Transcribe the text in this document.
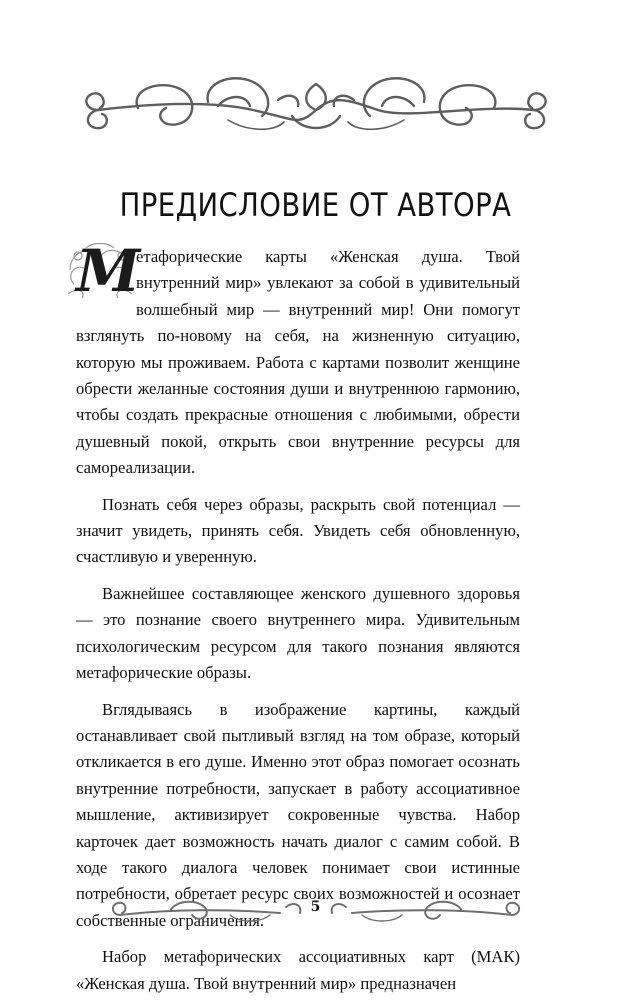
ПРЕДИСЛОВИЕ ОТ АВТОРА

М
етафорические карты «Женская душа. Твой внутренний мир» увлекают за собой в удивительный волшебный мир — внутренний мир! Они помогут взглянуть по-новому на себя, на жизненную ситуацию, которую мы проживаем. Работа с картами позволит женщине обрести желанные состояния души и внутреннюю гармонию, чтобы создать прекрасные отношения с любимыми, обрести душевный покой, открыть свои внутренние ресурсы для самореализации.

Познать себя через образы, раскрыть свой потенциал — значит увидеть, принять себя. Увидеть себя обновленную, счастливую и уверенную.

Важнейшее составляющее женского душевного здоровья — это познание своего внутреннего мира. Удивительным психологическим ресурсом для такого познания являются метафорические образы.

Вглядываясь в изображение картины, каждый останавливает свой пытливый взгляд на том образе, который откликается в его душе. Именно этот образ помогает осознать внутренние потребности, запускает в работу ассоциативное мышление, активизирует сокровенные чувства. Набор карточек дает возможность начать диалог с самим собой. В ходе такого диалога человек понимает свои истинные потребности, обретает ресурс своих возможностей и осознает собственные ограничения.

Набор метафорических ассоциативных карт (МАК) «Женская душа. Твой внутренний мир» предназначен

5
